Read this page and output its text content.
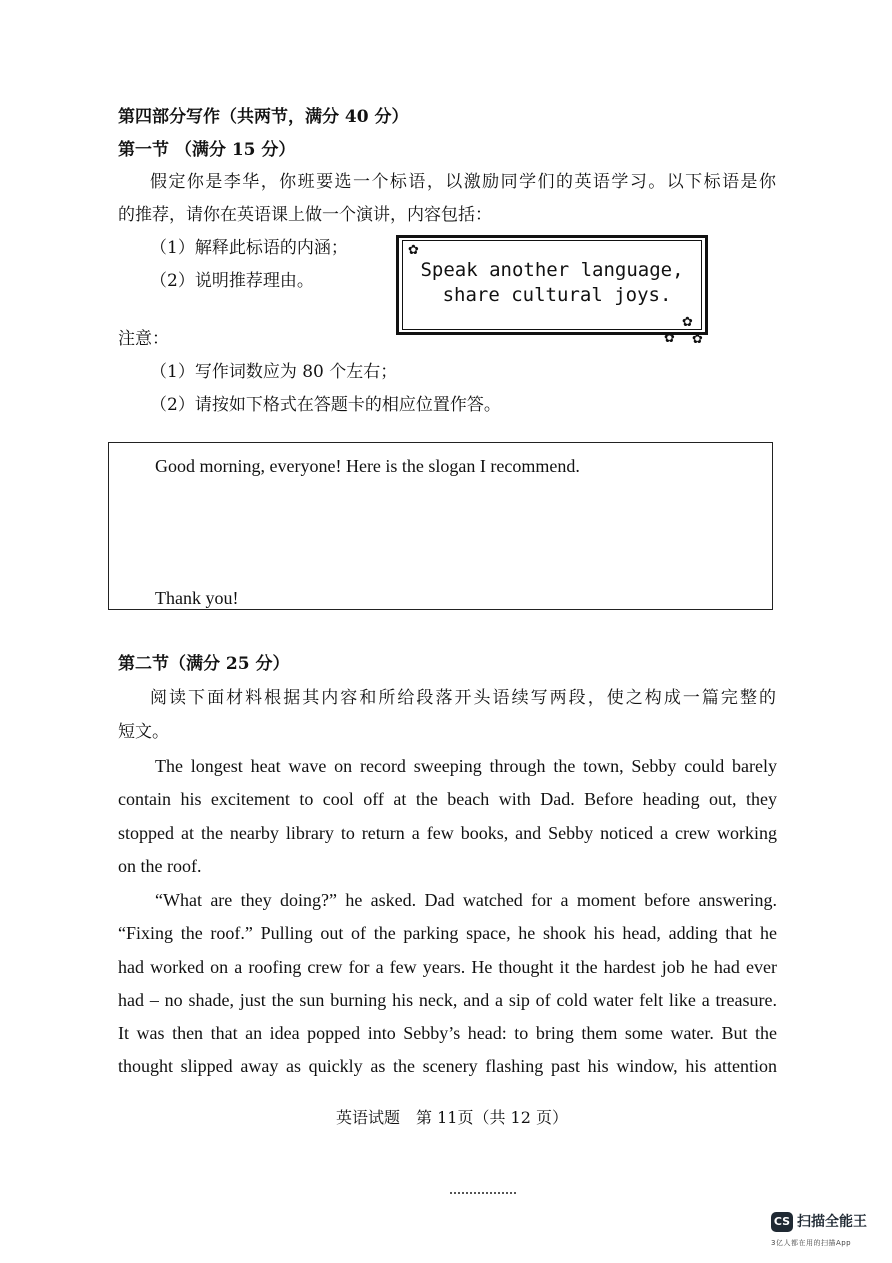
第四部分写作（共两节，满分 40 分）
第一节 （满分 15 分）
假定你是李华，你班要选一个标语，以激励同学们的英语学习。以下标语是你
的推荐，请你在英语课上做一个演讲，内容包括：
（1）解释此标语的内涵；
（2）说明推荐理由。	Speak another language,
share cultural joys.
✿
✿
✿ ✿
注意：
（1）写作词数应为 80 个左右；
（2）请按如下格式在答题卡的相应位置作答。
Good morning, everyone! Here is the slogan I recommend.
Thank you!
第二节（满分 25 分）
阅读下面材料根据其内容和所给段落开头语续写两段，使之构成一篇完整的
短文。
The longest heat wave on record sweeping through the town, Sebby could barely
contain his excitement to cool off at the beach with Dad. Before heading out, they
stopped at the nearby library to return a few books, and Sebby noticed a crew working
on the roof.
“What are they doing?” he asked. Dad watched for a moment before answering.
“Fixing the roof.” Pulling out of the parking space, he shook his head, adding that he
had worked on a roofing crew for a few years. He thought it the hardest job he had ever
had – no shade, just the sun burning his neck, and a sip of cold water felt like a treasure.
It was then that an idea popped into Sebby’s head: to bring them some water. But the
thought slipped away as quickly as the scenery flashing past his window, his attention
英语试题　第 11页（共 12 页）
CS 扫描全能王
3亿人都在用的扫描App
